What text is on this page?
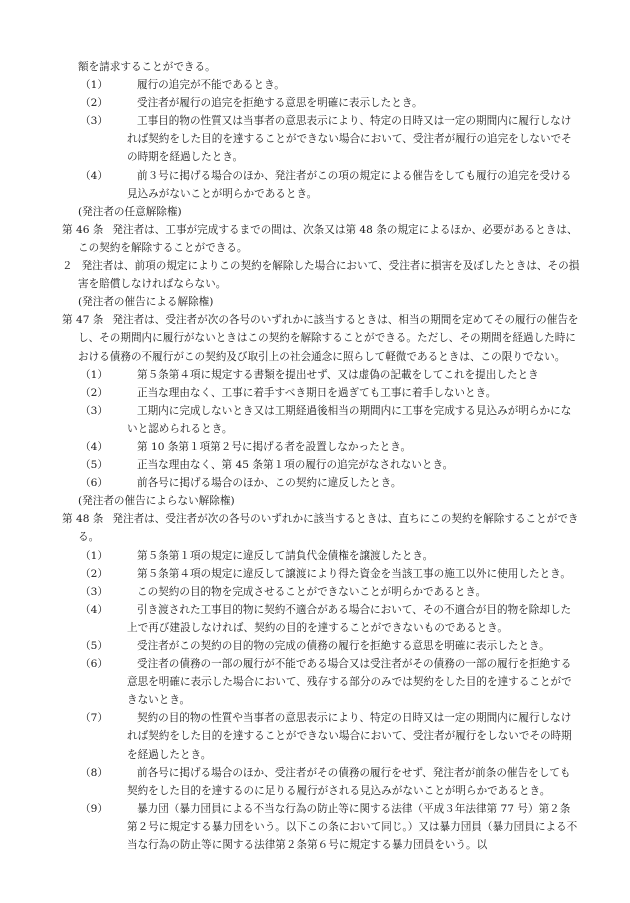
額を請求することができる。

（1）	履行の追完が不能であるとき。
（2）	受注者が履行の追完を拒絶する意思を明確に表示したとき。
（3）	工事目的物の性質又は当事者の意思表示により、特定の日時又は一定の期間内に履行しなければ契約をした目的を達することができない場合において、受注者が履行の追完をしないでその時期を経過したとき。
（4）	前３号に掲げる場合のほか、発注者がこの項の規定による催告をしても履行の追完を受ける見込みがないことが明らかであるとき。

(発注者の任意解除権)

第 46 条 発注者は、工事が完成するまでの間は、次条又は第 48 条の規定によるほか、必要があるときは、この契約を解除することができる。

２ 発注者は、前項の規定によりこの契約を解除した場合において、受注者に損害を及ぼしたときは、その損害を賠償しなければならない。

(発注者の催告による解除権)

第 47 条 発注者は、受注者が次の各号のいずれかに該当するときは、相当の期間を定めてその履行の催告をし、その期間内に履行がないときはこの契約を解除することができる。ただし、その期間を経過した時における債務の不履行がこの契約及び取引上の社会通念に照らして軽微であるときは、この限りでない。

（1）	第５条第４項に規定する書類を提出せず、又は虚偽の記載をしてこれを提出したとき
（2）	正当な理由なく、工事に着手すべき期日を過ぎても工事に着手しないとき。
（3）	工期内に完成しないとき又は工期経過後相当の期間内に工事を完成する見込みが明らかにないと認められるとき。
（4）	第 10 条第１項第２号に掲げる者を設置しなかったとき。
（5）	正当な理由なく、第 45 条第１項の履行の追完がなされないとき。
（6）	前各号に掲げる場合のほか、この契約に違反したとき。

(発注者の催告によらない解除権)

第 48 条 発注者は、受注者が次の各号のいずれかに該当するときは、直ちにこの契約を解除することができる。

（1）	第５条第１項の規定に違反して請負代金債権を譲渡したとき。
（2）	第５条第４項の規定に違反して譲渡により得た資金を当該工事の施工以外に使用したとき。
（3）	この契約の目的物を完成させることができないことが明らかであるとき。
（4）	引き渡された工事目的物に契約不適合がある場合において、その不適合が目的物を除却した上で再び建設しなければ、契約の目的を達することができないものであるとき。
（5）	受注者がこの契約の目的物の完成の債務の履行を拒絶する意思を明確に表示したとき。
（6）	受注者の債務の一部の履行が不能である場合又は受注者がその債務の一部の履行を拒絶する意思を明確に表示した場合において、残存する部分のみでは契約をした目的を達することができないとき。
（7）	契約の目的物の性質や当事者の意思表示により、特定の日時又は一定の期間内に履行しなければ契約をした目的を達することができない場合において、受注者が履行をしないでその時期を経過したとき。
（8）	前各号に掲げる場合のほか、受注者がその債務の履行をせず、発注者が前条の催告をしても契約をした目的を達するのに足りる履行がされる見込みがないことが明らかであるとき。
（9）	暴力団（暴力団員による不当な行為の防止等に関する法律（平成３年法律第 77 号）第２条第２号に規定する暴力団をいう。以下この条において同じ。）又は暴力団員（暴力団員による不当な行為の防止等に関する法律第２条第６号に規定する暴力団員をいう。以
